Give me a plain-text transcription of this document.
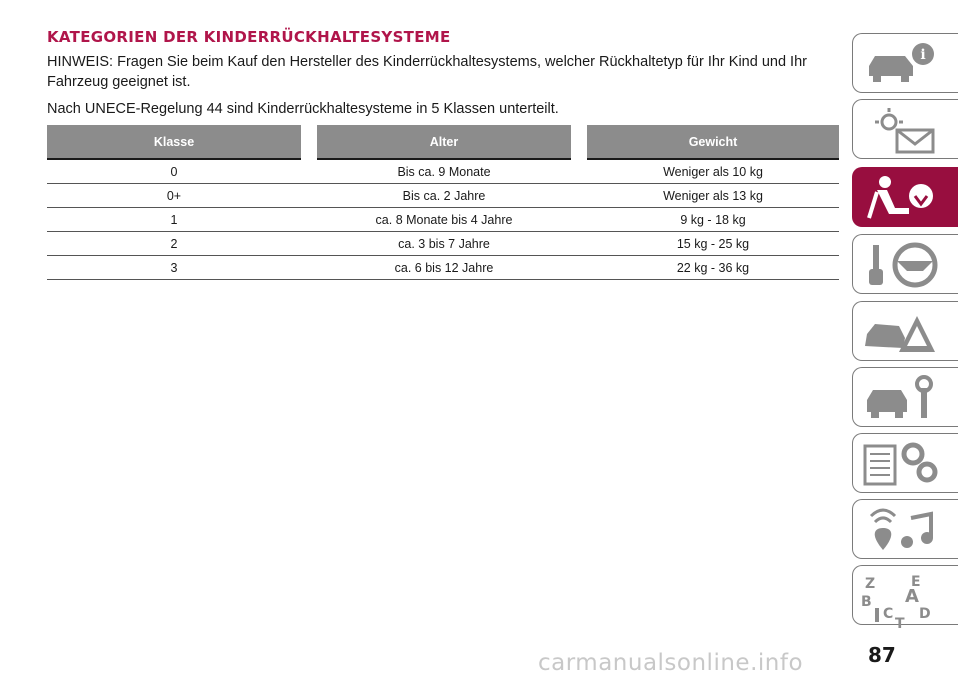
KATEGORIEN DER KINDERRÜCKHALTESYSTEME

HINWEIS: Fragen Sie beim Kauf den Hersteller des Kinderrückhaltesystems, welcher Rückhaltetyp für Ihr Kind und Ihr Fahrzeug geeignet ist.

Nach UNECE-Regelung 44 sind Kinderrückhaltesysteme in 5 Klassen unterteilt.

Klasse		Alter		Gewicht
0		Bis ca. 9 Monate		Weniger als 10 kg
0+		Bis ca. 2 Jahre		Weniger als 13 kg
1		ca. 8 Monate bis 4 Jahre		9 kg - 18 kg
2		ca. 3 bis 7 Jahre		15 kg - 25 kg
3		ca. 6 bis 12 Jahre		22 kg - 36 kg
i
Z	E
A
B
C D
T
87
carmanualsonline.info
